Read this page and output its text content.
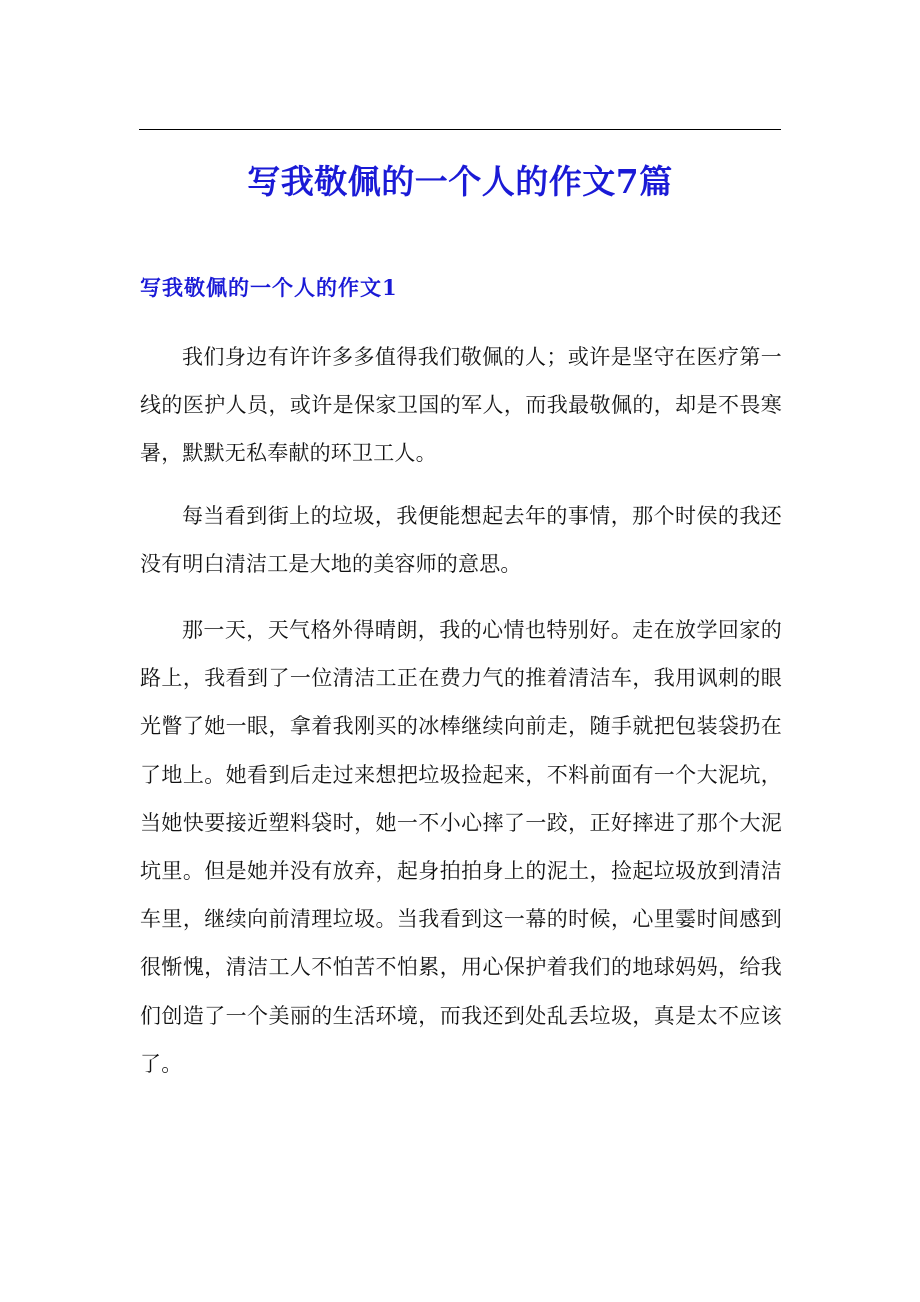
写我敬佩的一个人的作文7篇
写我敬佩的一个人的作文1

我们身边有许许多多值得我们敬佩的人；或许是坚守在医疗第一线的医护人员，或许是保家卫国的军人，而我最敬佩的，却是不畏寒暑，默默无私奉献的环卫工人。

每当看到街上的垃圾，我便能想起去年的事情，那个时侯的我还没有明白清洁工是大地的美容师的意思。

那一天，天气格外得晴朗，我的心情也特别好。走在放学回家的路上，我看到了一位清洁工正在费力气的推着清洁车，我用讽刺的眼光瞥了她一眼，拿着我刚买的冰棒继续向前走，随手就把包装袋扔在了地上。她看到后走过来想把垃圾捡起来，不料前面有一个大泥坑，当她快要接近塑料袋时，她一不小心摔了一跤，正好摔进了那个大泥坑里。但是她并没有放弃，起身拍拍身上的泥土，捡起垃圾放到清洁车里，继续向前清理垃圾。当我看到这一幕的时候，心里霎时间感到很惭愧，清洁工人不怕苦不怕累，用心保护着我们的地球妈妈，给我们创造了一个美丽的生活环境，而我还到处乱丢垃圾，真是太不应该了。
